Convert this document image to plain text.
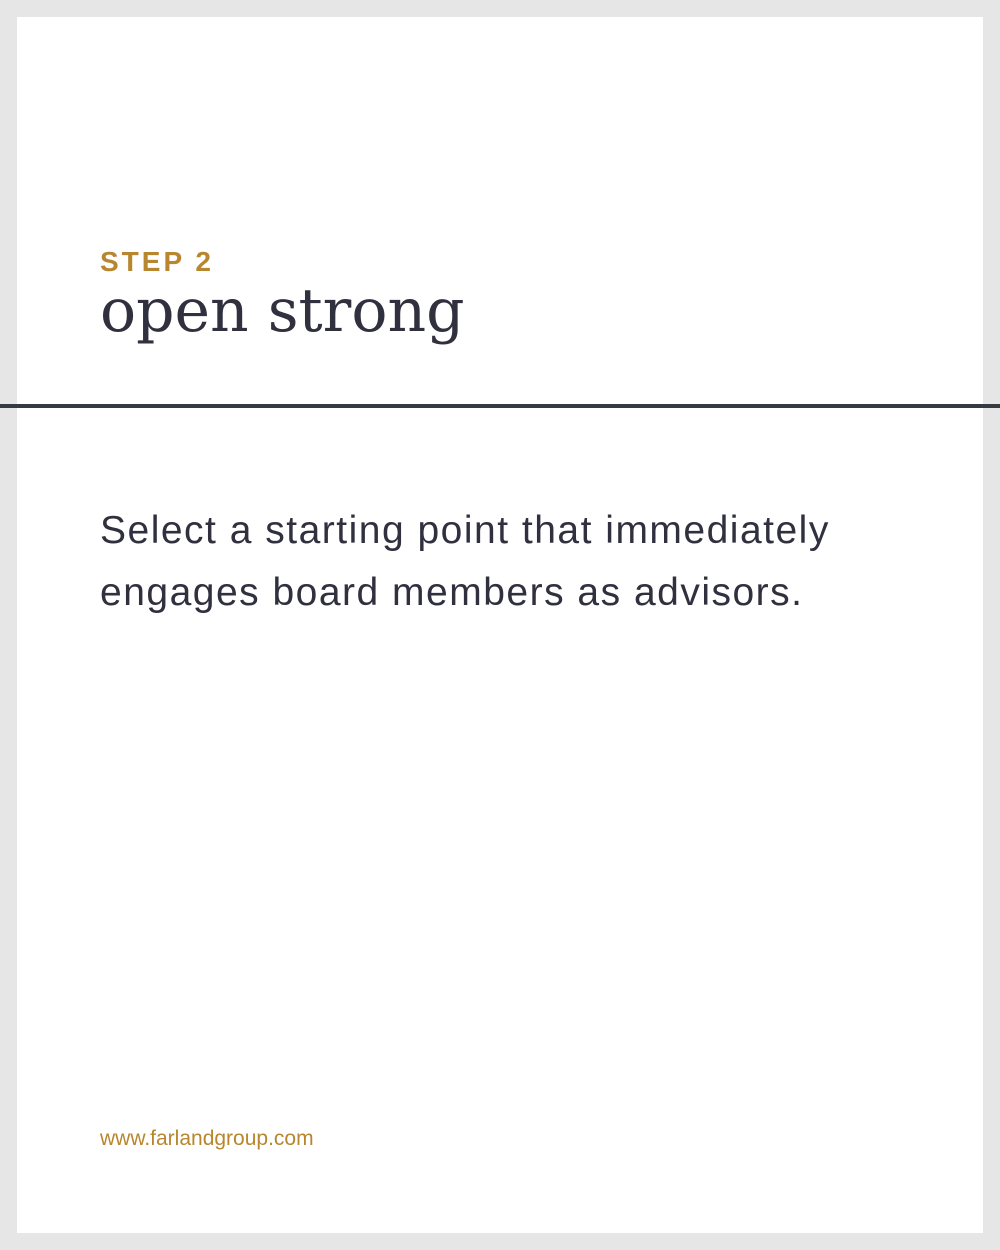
STEP 2
open strong

Select a starting point that immediately engages board members as advisors.

www.farlandgroup.com
